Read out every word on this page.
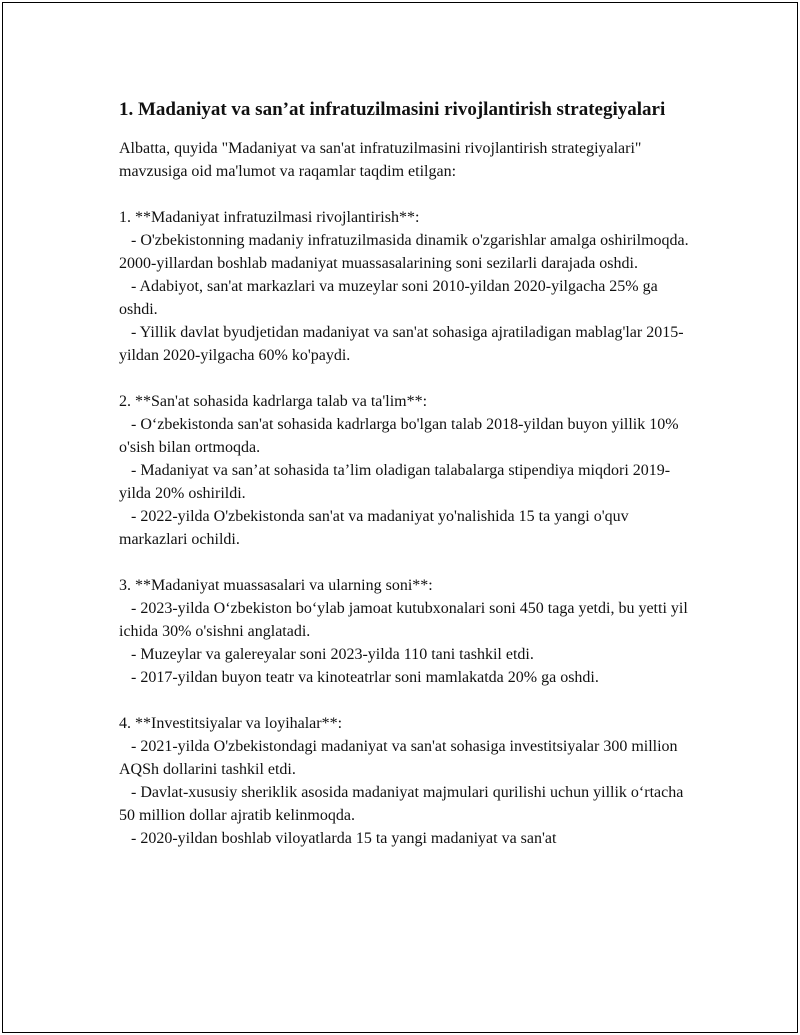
1. Madaniyat va san’at infratuzilmasini rivojlantirish strategiyalari
Albatta, quyida "Madaniyat va san'at infratuzilmasini rivojlantirish strategiyalari" mavzusiga oid ma'lumot va raqamlar taqdim etilgan:
1. **Madaniyat infratuzilmasi rivojlantirish**:
- O'zbekistonning madaniy infratuzilmasida dinamik o'zgarishlar amalga oshirilmoqda. 2000-yillardan boshlab madaniyat muassasalarining soni sezilarli darajada oshdi.
- Adabiyot, san'at markazlari va muzeylar soni 2010-yildan 2020-yilgacha 25% ga oshdi.
- Yillik davlat byudjetidan madaniyat va san'at sohasiga ajratiladigan mablag'lar 2015-yildan 2020-yilgacha 60% ko'paydi.
2. **San'at sohasida kadrlarga talab va ta'lim**:
- O‘zbekistonda san'at sohasida kadrlarga bo'lgan talab 2018-yildan buyon yillik 10% o'sish bilan ortmoqda.
- Madaniyat va san’at sohasida ta’lim oladigan talabalarga stipendiya miqdori 2019-yilda 20% oshirildi.
- 2022-yilda O'zbekistonda san'at va madaniyat yo'nalishida 15 ta yangi o'quv markazlari ochildi.
3. **Madaniyat muassasalari va ularning soni**:
- 2023-yilda O‘zbekiston bo‘ylab jamoat kutubxonalari soni 450 taga yetdi, bu yetti yil ichida 30% o'sishni anglatadi.
- Muzeylar va galereyalar soni 2023-yilda 110 tani tashkil etdi.
- 2017-yildan buyon teatr va kinoteatrlar soni mamlakatda 20% ga oshdi.
4. **Investitsiyalar va loyihalar**:
- 2021-yilda O'zbekistondagi madaniyat va san'at sohasiga investitsiyalar 300 million AQSh dollarini tashkil etdi.
- Davlat-xususiy sheriklik asosida madaniyat majmulari qurilishi uchun yillik o‘rtacha 50 million dollar ajratib kelinmoqda.
- 2020-yildan boshlab viloyatlarda 15 ta yangi madaniyat va san'at
